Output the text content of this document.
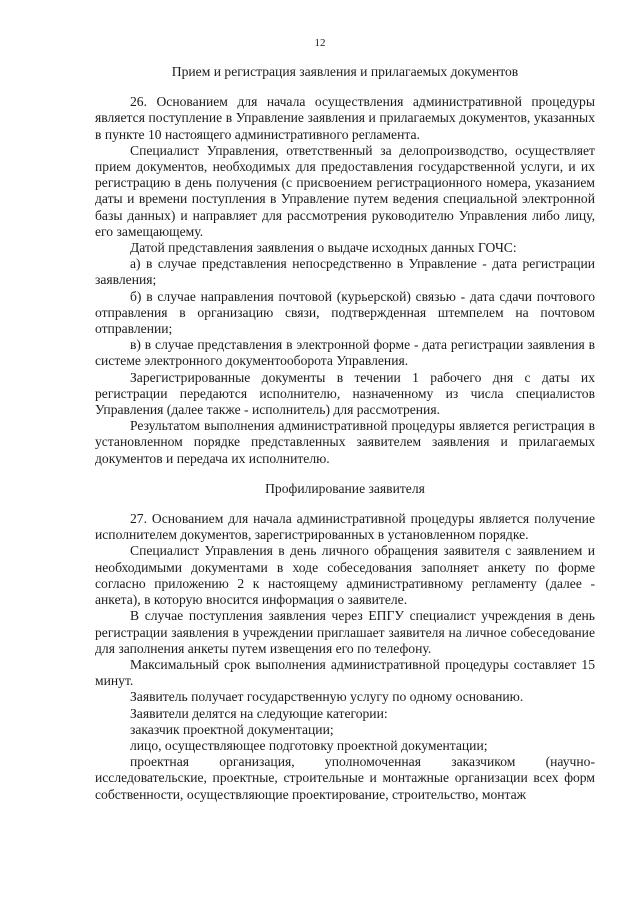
12
Прием и регистрация заявления и прилагаемых документов

26. Основанием для начала осуществления административной процедуры является поступление в Управление заявления и прилагаемых документов, указанных в пункте 10 настоящего административного регламента.

Специалист Управления, ответственный за делопроизводство, осуществляет прием документов, необходимых для предоставления государственной услуги, и их регистрацию в день получения (с присвоением регистрационного номера, указанием даты и времени поступления в Управление путем ведения специальной электронной базы данных) и направляет для рассмотрения руководителю Управления либо лицу, его замещающему.

Датой представления заявления о выдаче исходных данных ГОЧС:

а) в случае представления непосредственно в Управление - дата регистрации заявления;

б) в случае направления почтовой (курьерской) связью - дата сдачи почтового отправления в организацию связи, подтвержденная штемпелем на почтовом отправлении;

в) в случае представления в электронной форме - дата регистрации заявления в системе электронного документооборота Управления.

Зарегистрированные документы в течении 1 рабочего дня с даты их регистрации передаются исполнителю, назначенному из числа специалистов Управления (далее также - исполнитель) для рассмотрения.

Результатом выполнения административной процедуры является регистрация в установленном порядке представленных заявителем заявления и прилагаемых документов и передача их исполнителю.

Профилирование заявителя

27. Основанием для начала административной процедуры является получение исполнителем документов, зарегистрированных в установленном порядке.

Специалист Управления в день личного обращения заявителя с заявлением и необходимыми документами в ходе собеседования заполняет анкету по форме согласно приложению 2 к настоящему административному регламенту (далее - анкета), в которую вносится информация о заявителе.

В случае поступления заявления через ЕПГУ специалист учреждения в день регистрации заявления в учреждении приглашает заявителя на личное собеседование для заполнения анкеты путем извещения его по телефону.

Максимальный срок выполнения административной процедуры составляет 15 минут.

Заявитель получает государственную услугу по одному основанию.

Заявители делятся на следующие категории:

заказчик проектной документации;

лицо, осуществляющее подготовку проектной документации;

проектная организация, уполномоченная заказчиком (научно-исследовательские, проектные, строительные и монтажные организации всех форм собственности, осуществляющие проектирование, строительство, монтаж
